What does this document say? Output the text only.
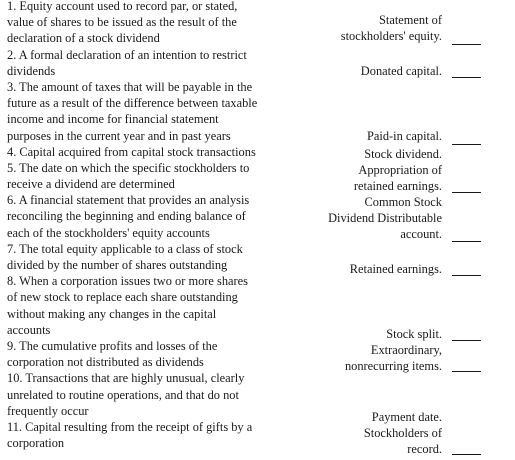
1. Equity account used to record par, or stated,
value of shares to be issued as the result of the
declaration of a stock dividend
2. A formal declaration of an intention to restrict
dividends
3. The amount of taxes that will be payable in the
future as a result of the difference between taxable
income and income for financial statement
purposes in the current year and in past years
4. Capital acquired from capital stock transactions
5. The date on which the specific stockholders to
receive a dividend are determined
6. A financial statement that provides an analysis
reconciling the beginning and ending balance of
each of the stockholders' equity accounts
7. The total equity applicable to a class of stock
divided by the number of shares outstanding
8. When a corporation issues two or more shares
of new stock to replace each share outstanding
without making any changes in the capital
accounts
9. The cumulative profits and losses of the
corporation not distributed as dividends
10. Transactions that are highly unusual, clearly
unrelated to routine operations, and that do not
frequently occur
11. Capital resulting from the receipt of gifts by a
corporation
Statement of
stockholders' equity.
Donated capital.
Paid-in capital.
Stock dividend.
Appropriation of
retained earnings.
Common Stock
Dividend Distributable
account.
Retained earnings.
Stock split.
Extraordinary,
nonrecurring items.
Payment date.
Stockholders of
record.
